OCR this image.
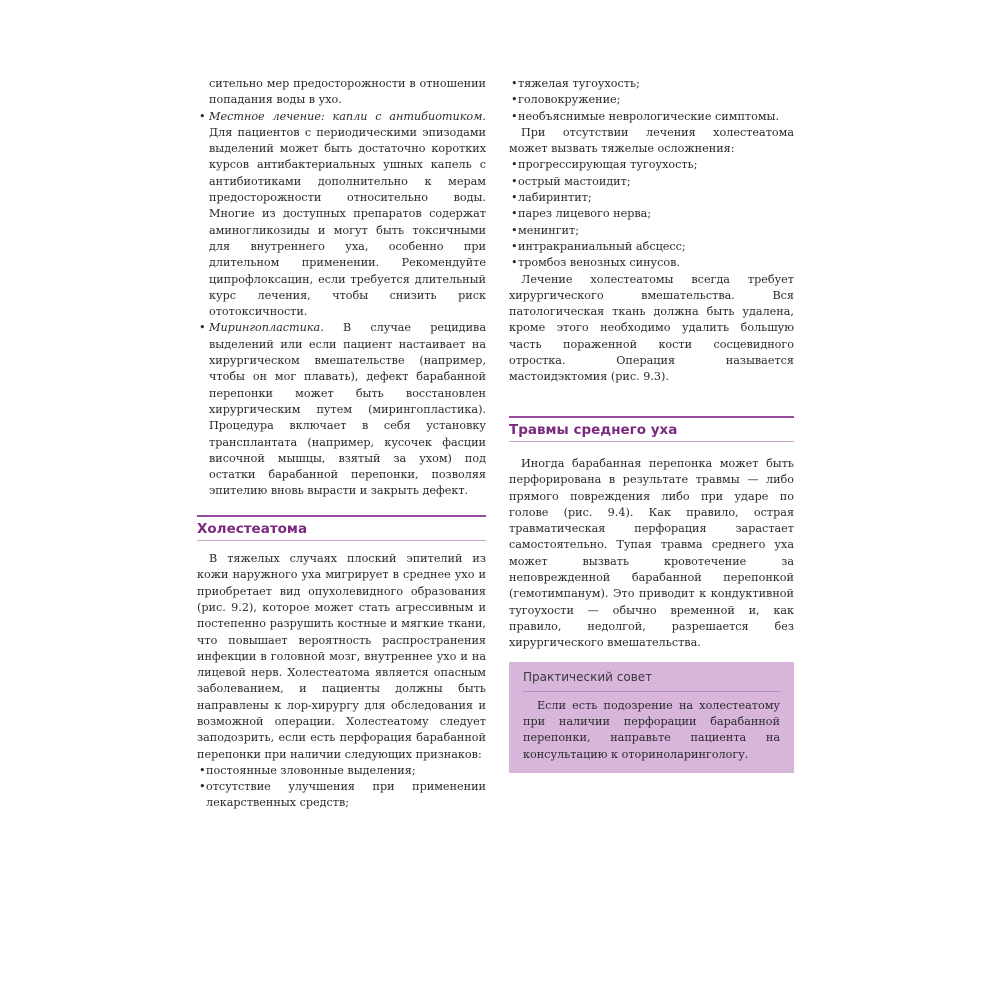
сительно мер предосторожности в отношении попадания воды в ухо.

• Местное лечение: капли с антибиотиком. Для пациентов с периодическими эпизодами выделений может быть достаточно коротких курсов антибактериальных ушных капель с антибиотиками дополнительно к мерам предосторожности относительно воды. Многие из доступных препаратов содержат аминогликозиды и могут быть токсичными для внутреннего уха, особенно при длительном применении. Рекомендуйте ципрофлоксацин, если требуется длительный курс лечения, чтобы снизить риск ототоксичности.
• Мирингопластика. В случае рецидива выделений или если пациент настаивает на хирургическом вмешательстве (например, чтобы он мог плавать), дефект барабанной перепонки может быть восстановлен хирургическим путем (мирингопластика). Процедура включает в себя установку трансплантата (например, кусочек фасции височной мышцы, взятый за ухом) под остатки барабанной перепонки, позволяя эпителию вновь вырасти и закрыть дефект.
Холестеатома

В тяжелых случаях плоский эпителий из кожи наружного уха мигрирует в среднее ухо и приобретает вид опухолевидного образования (рис. 9.2), которое может стать агрессивным и постепенно разрушить костные и мягкие ткани, что повышает вероятность распространения инфекции в головной мозг, внутреннее ухо и на лицевой нерв. Холестеатома является опасным заболеванием, и пациенты должны быть направлены к лор-хирургу для обследования и возможной операции. Холестеатому следует заподозрить, если есть перфорация барабанной перепонки при наличии следующих признаков:

• постоянные зловонные выделения;
• отсутствие улучшения при применении лекарственных средств;
• тяжелая тугоухость;
• головокружение;
• необъяснимые неврологические симптомы.

При отсутствии лечения холестеатома может вызвать тяжелые осложнения:

• прогрессирующая тугоухость;
• острый мастоидит;
• лабиринтит;
• парез лицевого нерва;
• менингит;
• интракраниальный абсцесс;
• тромбоз венозных синусов.

Лечение холестеатомы всегда требует хирургического вмешательства. Вся патологическая ткань должна быть удалена, кроме этого необходимо удалить большую часть пораженной кости сосцевидного отростка. Операция называется мастоидэктомия (рис. 9.3).

Травмы среднего уха

Иногда барабанная перепонка может быть перфорирована в результате травмы — либо прямого повреждения либо при ударе по голове (рис. 9.4). Как правило, острая травматическая перфорация зарастает самостоятельно. Тупая травма среднего уха может вызвать кровотечение за неповрежденной барабанной перепонкой (гемотимпанум). Это приводит к кондуктивной тугоухости — обычно временной и, как правило, недолгой, разрешается без хирургического вмешательства.

Практический совет

Если есть подозрение на холестеатому при наличии перфорации барабанной перепонки, направьте пациента на консультацию к оториноларингологу.
